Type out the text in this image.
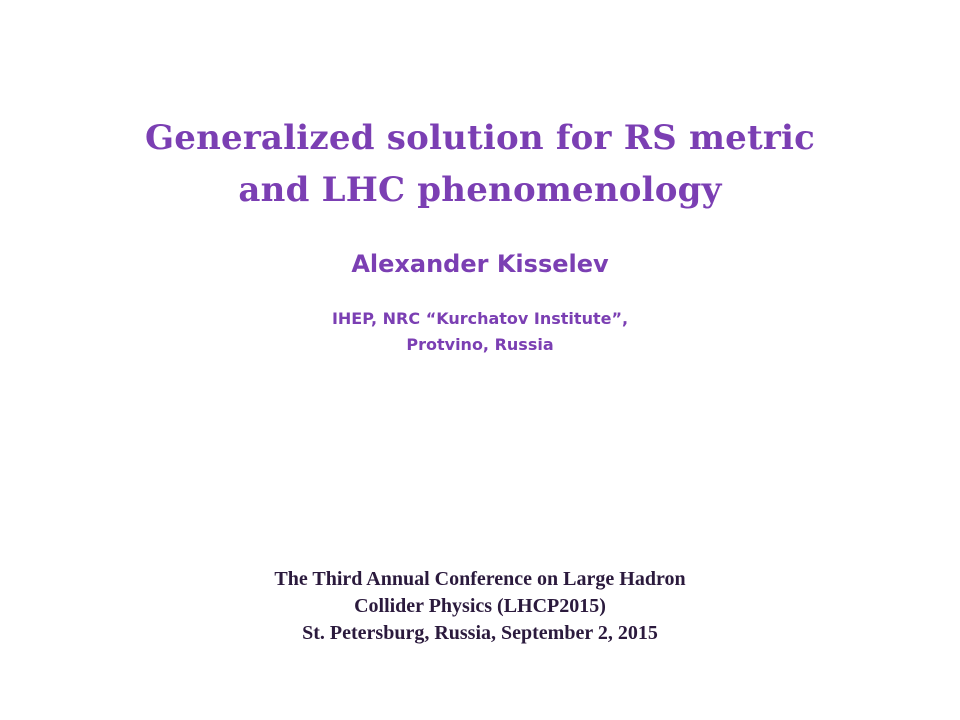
Generalized solution for RS metric
and LHC phenomenology
Alexander Kisselev
IHEP, NRC “Kurchatov Institute”,
Protvino, Russia
The Third Annual Conference on Large Hadron
Collider Physics (LHCP2015)
St. Petersburg, Russia, September 2, 2015
